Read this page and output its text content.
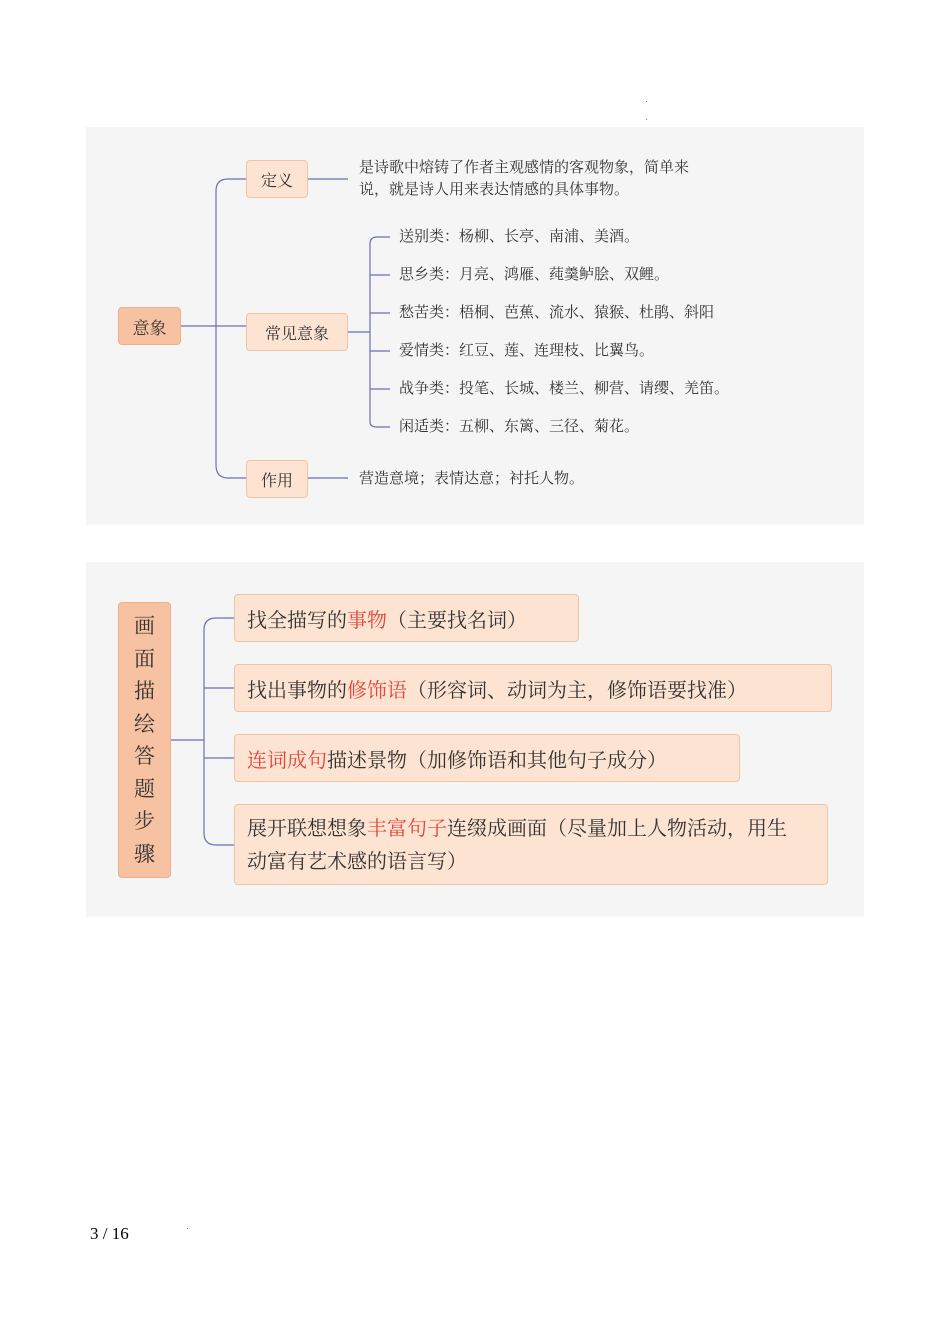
意象
定义
是诗歌中熔铸了作者主观感情的客观物象，简单来
说，就是诗人用来表达情感的具体事物。
常见意象
送别类：杨柳、长亭、南浦、美酒。
思乡类：月亮、鸿雁、莼羹鲈脍、双鲤。
愁苦类：梧桐、芭蕉、流水、猿猴、杜鹃、斜阳
爱情类：红豆、莲、连理枝、比翼鸟。
战争类：投笔、长城、楼兰、柳营、请缨、羌笛。
闲适类：五柳、东篱、三径、菊花。
作用	营造意境；表情达意；衬托人物。
画
面
描
绘
答
题
步
骤
找全描写的事物（主要找名词）
找出事物的修饰语（形容词、动词为主，修饰语要找准）
连词成句描述景物（加修饰语和其他句子成分）
展开联想想象丰富句子连缀成画面（尽量加上人物活动，用生动富有艺术感的语言写）
3 / 16
